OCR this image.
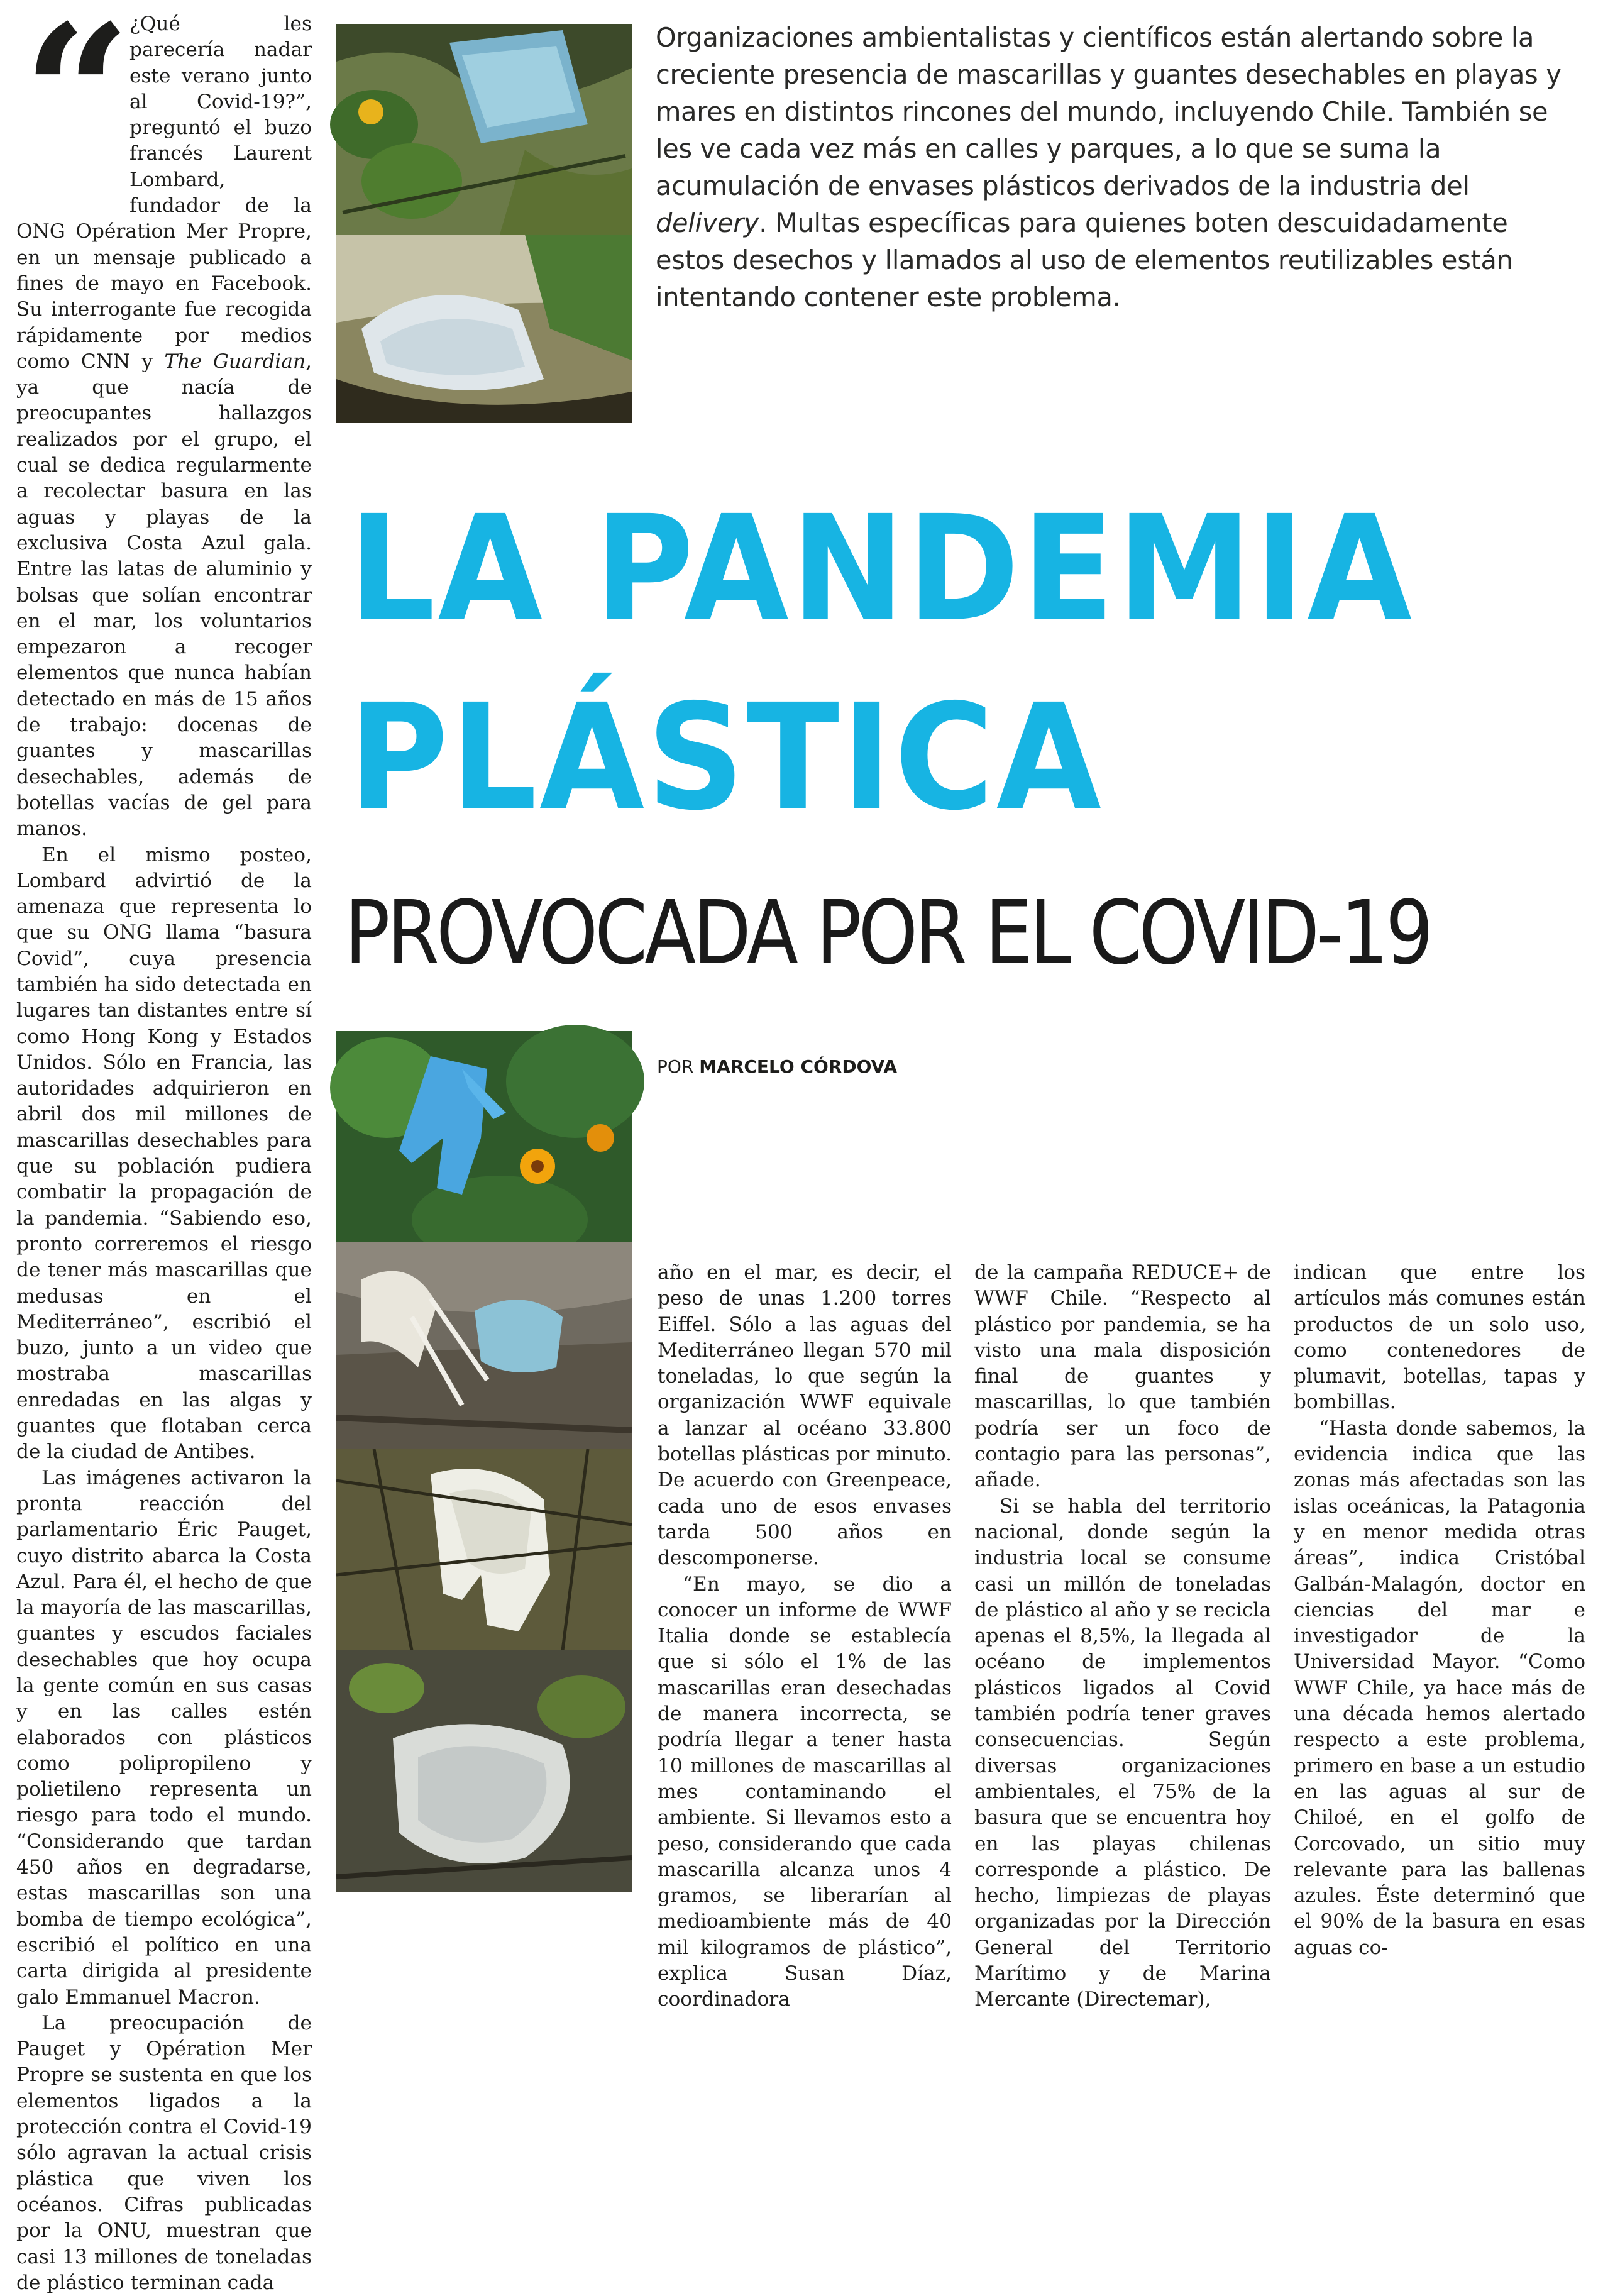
“

¿Qué les parecería nadar este verano junto al Covid-19?”, preguntó el buzo francés Laurent Lombard, fundador de la ONG Opération Mer Propre, en un mensaje publicado a fines de mayo en Facebook. Su interrogante fue recogida rápidamente por medios como CNN y The Guardian, ya que nacía de preocupantes hallazgos realizados por el grupo, el cual se dedica regularmente a recolectar basura en las aguas y playas de la exclusiva Costa Azul gala. Entre las latas de aluminio y bolsas que solían encontrar en el mar, los voluntarios empezaron a recoger elementos que nunca habían detectado en más de 15 años de trabajo: docenas de guantes y mascarillas desechables, además de botellas vacías de gel para manos.

En el mismo posteo, Lombard advirtió de la amenaza que representa lo que su ONG llama “basura Covid”, cuya presencia también ha sido detectada en lugares tan distantes entre sí como Hong Kong y Estados Unidos. Sólo en Francia, las autoridades adquirieron en abril dos mil millones de mascarillas desechables para que su población pudiera combatir la propagación de la pandemia. “Sabiendo eso, pronto correremos el riesgo de tener más mascarillas que medusas en el Mediterráneo”, escribió el buzo, junto a un video que mostraba mascarillas enredadas en las algas y guantes que flotaban cerca de la ciudad de Antibes.

Las imágenes activaron la pronta reacción del parlamentario Éric Pauget, cuyo distrito abarca la Costa Azul. Para él, el hecho de que la mayoría de las mascarillas, guantes y escudos faciales desechables que hoy ocupa la gente común en sus casas y en las calles estén elaborados con plásticos como polipropileno y polietileno representa un riesgo para todo el mundo. “Considerando que tardan 450 años en degradarse, estas mascarillas son una bomba de tiempo ecológica”, escribió el político en una carta dirigida al presidente galo Emmanuel Macron.

La preocupación de Pauget y Opération Mer Propre se sustenta en que los elementos ligados a la protección contra el Covid-19 sólo agravan la actual crisis plástica que viven los océanos. Cifras publicadas por la ONU, muestran que casi 13 millones de toneladas de plástico terminan cada

Organizaciones ambientalistas y científicos están alertando sobre la creciente presencia de mascarillas y guantes desechables en playas y mares en distintos rincones del mundo, incluyendo Chile. También se les ve cada vez más en calles y parques, a lo que se suma la acumulación de envases plásticos derivados de la industria del delivery. Multas específicas para quienes boten descuidadamente estos desechos y llamados al uso de elementos reutilizables están intentando contener este problema.
LA PANDEMIA
PLÁSTICA
PROVOCADA POR EL COVID-19
POR MARCELO CÓRDOVA

año en el mar, es decir, el peso de unas 1.200 torres Eiffel. Sólo a las aguas del Mediterráneo llegan 570 mil toneladas, lo que según la organización WWF equivale a lanzar al océano 33.800 botellas plásticas por minuto. De acuerdo con Greenpeace, cada uno de esos envases tarda 500 años en descomponerse.

“En mayo, se dio a conocer un informe de WWF Italia donde se establecía que si sólo el 1% de las mascarillas eran desechadas de manera incorrecta, se podría llegar a tener hasta 10 millones de mascarillas al mes contaminando el ambiente. Si llevamos esto a peso, considerando que cada mascarilla alcanza unos 4 gramos, se liberarían al medioambiente más de 40 mil kilogramos de plástico”, explica Susan Díaz, coordinadora

de la campaña REDUCE+ de WWF Chile. “Respecto al plástico por pandemia, se ha visto una mala disposición final de guantes y mascarillas, lo que también podría ser un foco de contagio para las personas”, añade.

Si se habla del territorio nacional, donde según la industria local se consume casi un millón de toneladas de plástico al año y se recicla apenas el 8,5%, la llegada al océano de implementos plásticos ligados al Covid también podría tener graves consecuencias. Según diversas organizaciones ambientales, el 75% de la basura que se encuentra hoy en las playas chilenas corresponde a plástico. De hecho, limpiezas de playas organizadas por la Dirección General del Territorio Marítimo y de Marina Mercante (Directemar),

indican que entre los artículos más comunes están productos de un solo uso, como contenedores de plumavit, botellas, tapas y bombillas.

“Hasta donde sabemos, la evidencia indica que las zonas más afectadas son las islas oceánicas, la Patagonia y en menor medida otras áreas”, indica Cristóbal Galbán-Malagón, doctor en ciencias del mar e investigador de la Universidad Mayor. “Como WWF Chile, ya hace más de una década hemos alertado respecto a este problema, primero en base a un estudio en las aguas al sur de Chiloé, en el golfo de Corcovado, un sitio muy relevante para las ballenas azules. Éste determinó que el 90% de la basura en esas aguas co-
